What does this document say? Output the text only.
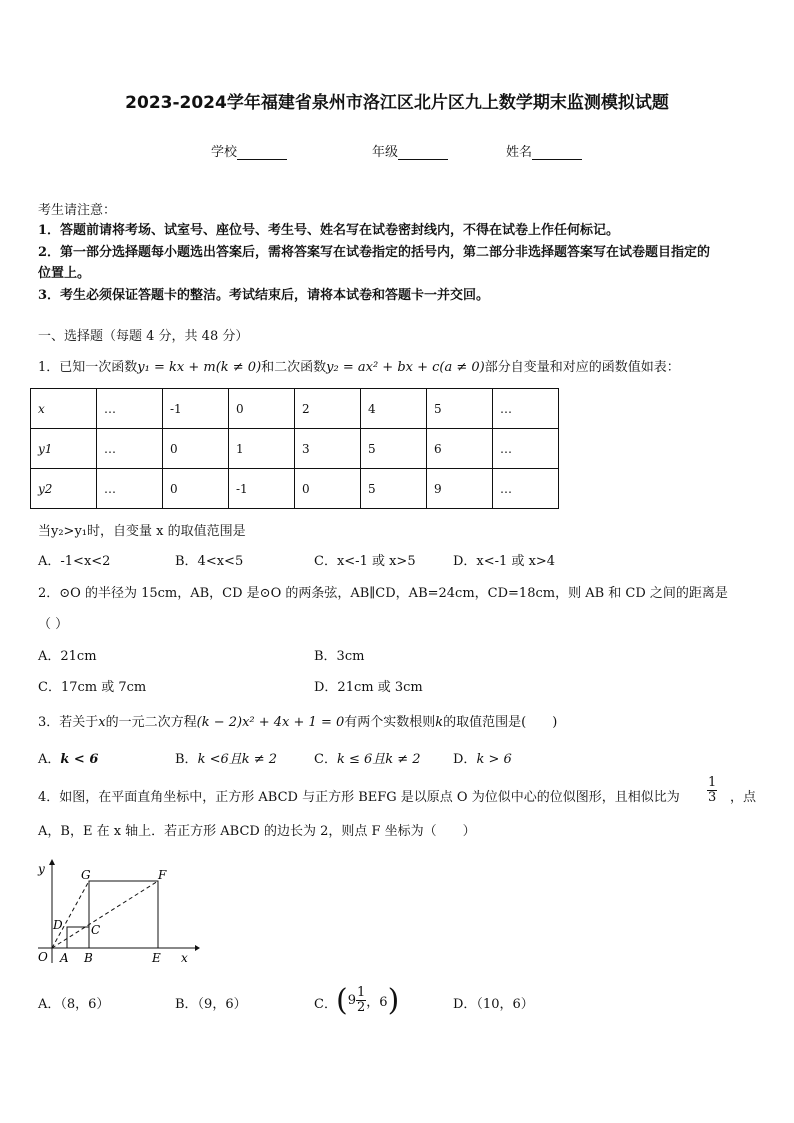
2023-2024学年福建省泉州市洛江区北片区九上数学期末监测模拟试题
学校	年级	姓名
考生请注意：
1．答题前请将考场、试室号、座位号、考生号、姓名写在试卷密封线内，不得在试卷上作任何标记。
2．第一部分选择题每小题选出答案后，需将答案写在试卷指定的括号内，第二部分非选择题答案写在试卷题目指定的
位置上。
3．考生必须保证答题卡的整洁。考试结束后，请将本试卷和答题卡一并交回。
一、选择题（每题 4 分，共 48 分）
1．已知一次函数y₁ = kx + m(k ≠ 0)和二次函数y₂ = ax² + bx + c(a ≠ 0)部分自变量和对应的函数值如表：
x	…	-1	0	2	4	5	…
y1	…	0	1	3	5	6	…
y2	…	0	-1	0	5	9	…
当y₂>y₁时，自变量 x 的取值范围是
A．-1<x<2	B．4<x<5	C．x<-1 或 x>5	D．x<-1 或 x>4
2．⊙O 的半径为 15cm，AB，CD 是⊙O 的两条弦，AB∥CD，AB=24cm，CD=18cm，则 AB 和 CD 之间的距离是
（ ）
A．21cm	B．3cm
C．17cm 或 7cm	D．21cm 或 3cm
3．若关于x的一元二次方程(k − 2)x² + 4x + 1 = 0有两个实数根则k的取值范围是(　　)
A．k < 6	B．k <6且k ≠ 2	C．k ≤ 6且k ≠ 2 D．k > 6
4．如图，在平面直角坐标中，正方形 ABCD 与正方形 BEFG 是以原点 O 为位似中心的位似图形，且相似比为 $\frac{1}{3}$ ，点
A，B，E 在 x 轴上．若正方形 ABCD 的边长为 2，则点 F 坐标为（　　）
y	G	F
D C
O A B	E x
A．（8，6）	B．（9，6）	C． ($9 \frac{1}{2}$ ，6)	D．（10，6）
